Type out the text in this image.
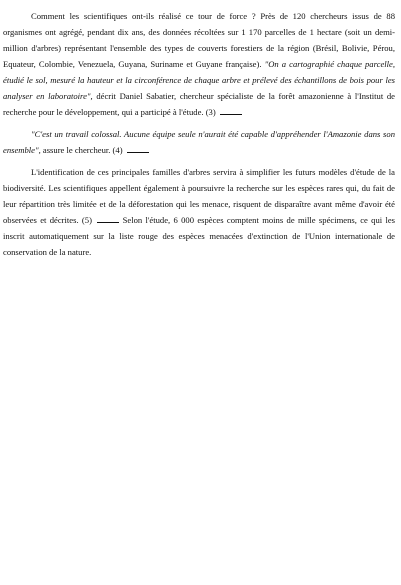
Comment les scientifiques ont-ils réalisé ce tour de force ? Près de 120 chercheurs issus de 88 organismes ont agrégé, pendant dix ans, des données récoltées sur 1 170 parcelles de 1 hectare (soit un demi-million d'arbres) représentant l'ensemble des types de couverts forestiers de la région (Brésil, Bolivie, Pérou, Equateur, Colombie, Venezuela, Guyana, Suriname et Guyane française). "On a cartographié chaque parcelle, étudié le sol, mesuré la hauteur et la circonférence de chaque arbre et prélevé des échantillons de bois pour les analyser en laboratoire", décrit Daniel Sabatier, chercheur spécialiste de la forêt amazonienne à l'Institut de recherche pour le développement, qui a participé à l'étude. (3)

"C'est un travail colossal. Aucune équipe seule n'aurait été capable d'appréhender l'Amazonie dans son ensemble", assure le chercheur. (4)

L'identification de ces principales familles d'arbres servira à simplifier les futurs modèles d'étude de la biodiversité. Les scientifiques appellent également à poursuivre la recherche sur les espèces rares qui, du fait de leur répartition très limitée et de la déforestation qui les menace, risquent de disparaître avant même d'avoir été observées et décrites. (5)	Selon l'étude, 6 000 espèces comptent moins de mille spécimens, ce qui les inscrit automatiquement sur la liste rouge des espèces menacées d'extinction de l'Union internationale de conservation de la nature.
